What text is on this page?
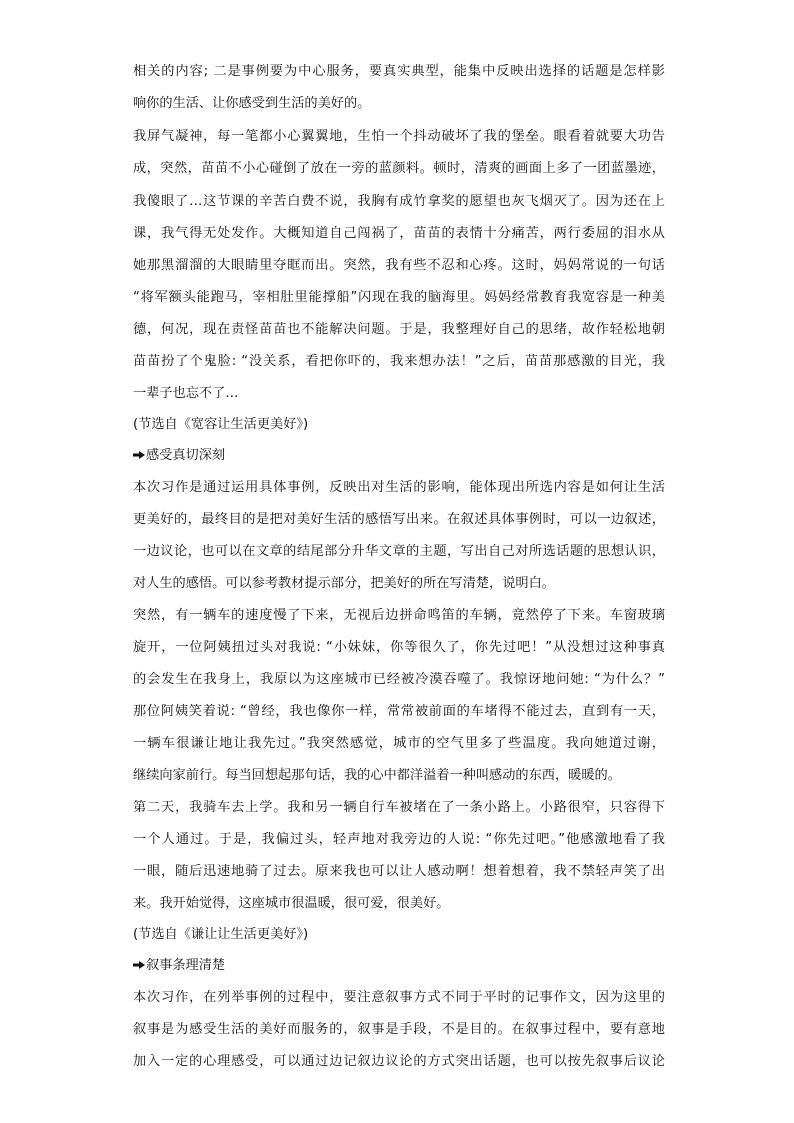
相关的内容; 二是事例要为中心服务，要真实典型，能集中反映出选择的话题是怎样影
响你的生活、让你感受到生活的美好的。
我屏气凝神，每一笔都小心翼翼地，生怕一个抖动破坏了我的堡垒。眼看着就要大功告
成，突然，苗苗不小心碰倒了放在一旁的蓝颜料。顿时，清爽的画面上多了一团蓝墨迹，
我傻眼了…这节课的辛苦白费不说，我胸有成竹拿奖的愿望也灰飞烟灭了。因为还在上
课，我气得无处发作。大概知道自己闯祸了，苗苗的表情十分痛苦，两行委屈的泪水从
她那黑溜溜的大眼睛里夺眶而出。突然，我有些不忍和心疼。这时，妈妈常说的一句话
“将军额头能跑马，宰相肚里能撑船”闪现在我的脑海里。妈妈经常教育我宽容是一种美
德，何况，现在责怪苗苗也不能解决问题。于是，我整理好自己的思绪，故作轻松地朝
苗苗扮了个鬼脸: “没关系，看把你吓的，我来想办法！”之后，苗苗那感激的目光，我
一辈子也忘不了…
(节选自《宽容让生活更美好》)
感受真切深刻
本次习作是通过运用具体事例，反映出对生活的影响，能体现出所选内容是如何让生活
更美好的，最终目的是把对美好生活的感悟写出来。在叙述具体事例时，可以一边叙述，
一边议论，也可以在文章的结尾部分升华文章的主题，写出自己对所选话题的思想认识，
对人生的感悟。可以参考教材提示部分，把美好的所在写清楚，说明白。
突然，有一辆车的速度慢了下来，无视后边拼命鸣笛的车辆，竟然停了下来。车窗玻璃
旋开，一位阿姨扭过头对我说: “小妹妹，你等很久了，你先过吧！”从没想过这种事真
的会发生在我身上，我原以为这座城市已经被冷漠吞噬了。我惊讶地问她: “为什么？”
那位阿姨笑着说: “曾经，我也像你一样，常常被前面的车堵得不能过去，直到有一天，
一辆车很谦让地让我先过。”我突然感觉，城市的空气里多了些温度。我向她道过谢，
继续向家前行。每当回想起那句话，我的心中都洋溢着一种叫感动的东西，暖暖的。
第二天，我骑车去上学。我和另一辆自行车被堵在了一条小路上。小路很窄，只容得下
一个人通过。于是，我偏过头，轻声地对我旁边的人说: “你先过吧。”他感激地看了我
一眼，随后迅速地骑了过去。原来我也可以让人感动啊！想着想着，我不禁轻声笑了出
来。我开始觉得，这座城市很温暖，很可爱，很美好。
(节选自《谦让让生活更美好》)
叙事条理清楚
本次习作，在列举事例的过程中，要注意叙事方式不同于平时的记事作文，因为这里的
叙事是为感受生活的美好而服务的，叙事是手段，不是目的。在叙事过程中，要有意地
加入一定的心理感受，可以通过边记叙边议论的方式突出话题，也可以按先叙事后议论
